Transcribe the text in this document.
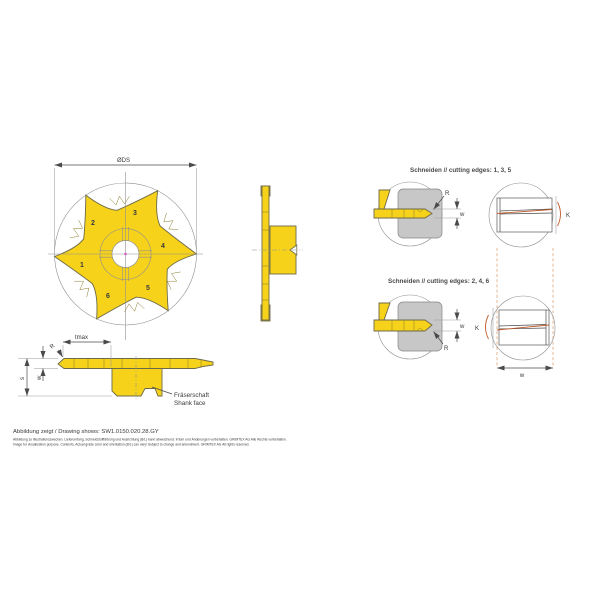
ØDS
1
2
3
4
5
6
tmax
R
s w
Fräserschaft
Shank face
Schneiden // cutting edges: 1, 3, 5
R
w	K
Schneiden // cutting edges: 2, 4, 6
R
w K
w
Abbildung zeigt / Drawing shows: SW1.0150.020.28.GY
Abbildung zu Illustrationszwecken. Lieferumfang, Schneidstofffärbung und Ausrichtung (B/L) kann abweichend. Irrtum und Änderungen vorbehalten. GRIMTEX AG Alle Rechte vorbehalten.
Image for visualization purpose. Contents, Actual grade color and orientation (B/L) can vary! Subject to change and amendment. GRIMTEX AG All rights reserved.
